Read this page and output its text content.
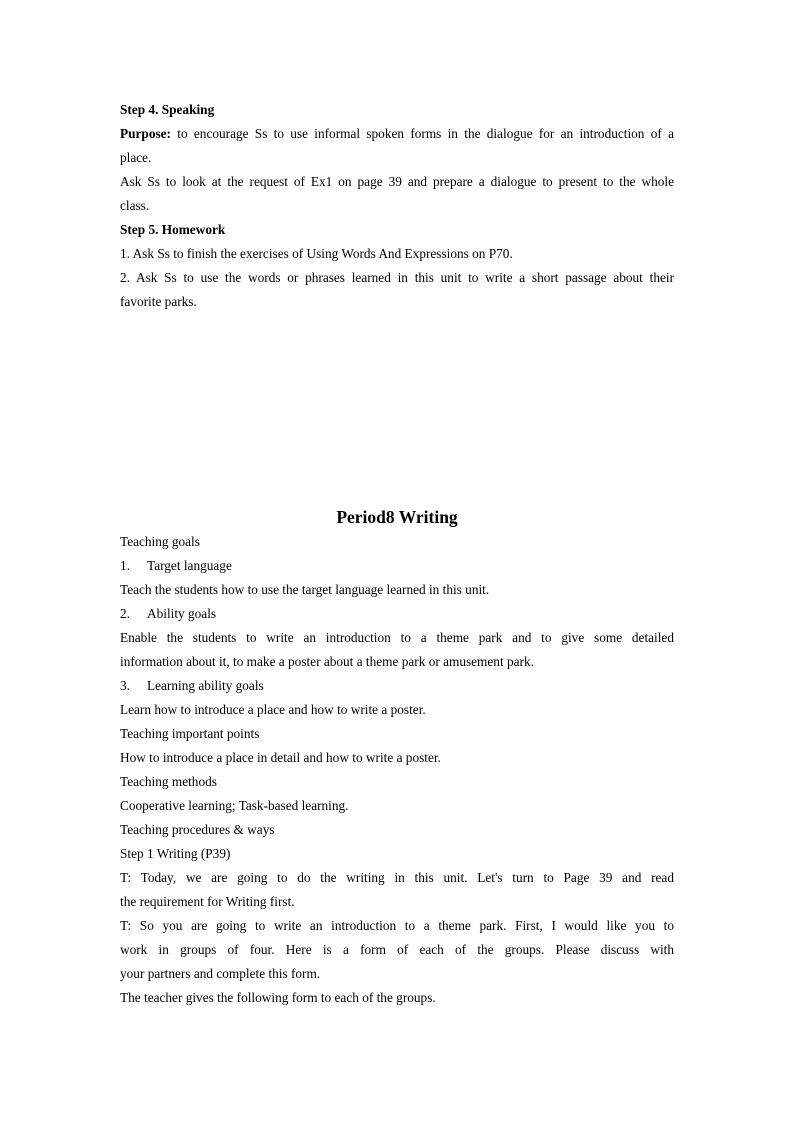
Step 4. Speaking
Purpose: to encourage Ss to use informal spoken forms in the dialogue for an introduction of a
place.
Ask Ss to look at the request of Ex1 on page 39 and prepare a dialogue to present to the whole
class.
Step 5. Homework
1. Ask Ss to finish the exercises of Using Words And Expressions on P70.
2. Ask Ss to use the words or phrases learned in this unit to write a short passage about their
favorite parks.
Period8 Writing
Teaching goals
1. Target language
Teach the students how to use the target language learned in this unit.
2. Ability goals
Enable the students to write an introduction to a theme park and to give some detailed
information about it, to make a poster about a theme park or amusement park.
3. Learning ability goals
Learn how to introduce a place and how to write a poster.
Teaching important points
How to introduce a place in detail and how to write a poster.
Teaching methods
Cooperative learning; Task-based learning.
Teaching procedures & ways
Step 1 Writing (P39)
T: Today, we are going to do the writing in this unit. Let's turn to Page 39 and read
the requirement for Writing first.
T: So you are going to write an introduction to a theme park. First, I would like you to
work in groups of four. Here is a form of each of the groups. Please discuss with
your partners and complete this form.
The teacher gives the following form to each of the groups.
